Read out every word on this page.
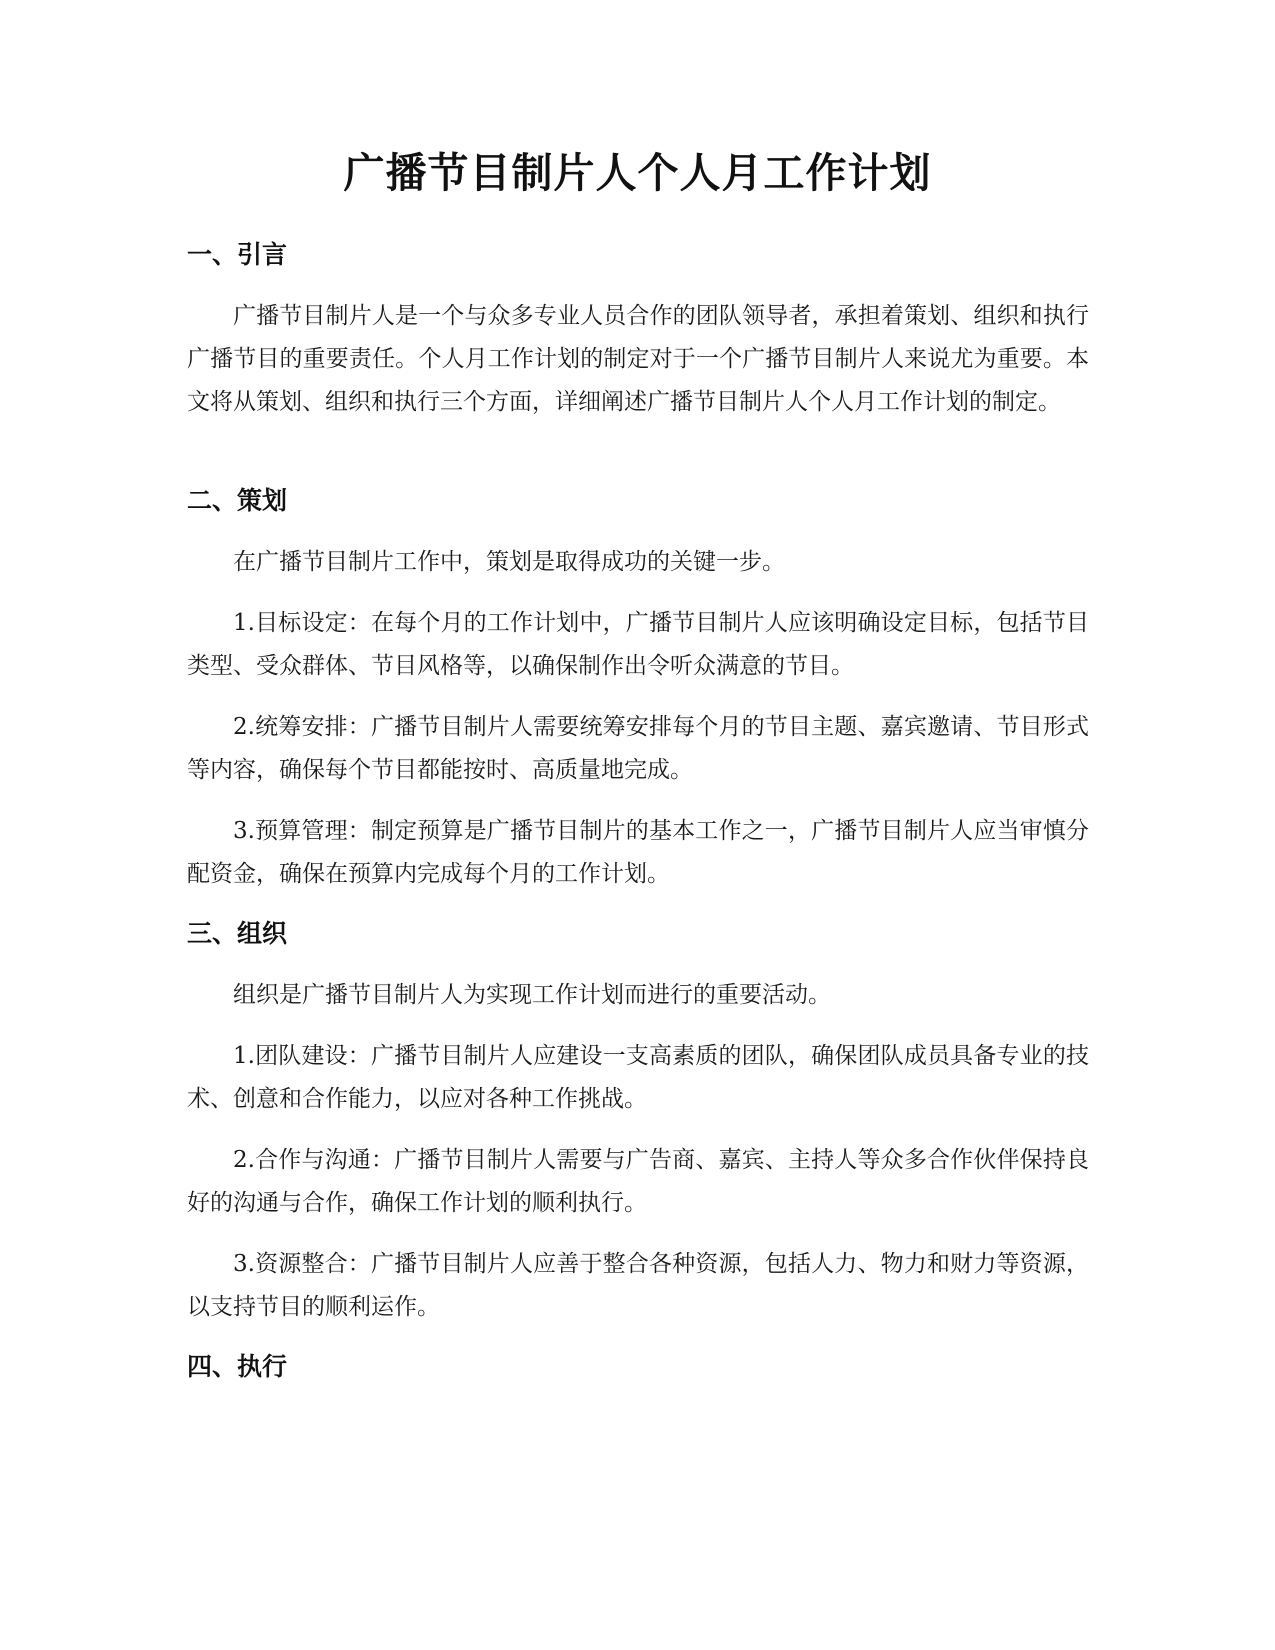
广播节目制片人个人月工作计划
一、引言

广播节目制片人是一个与众多专业人员合作的团队领导者，承担着策划、组织和执行广播节目的重要责任。个人月工作计划的制定对于一个广播节目制片人来说尤为重要。本文将从策划、组织和执行三个方面，详细阐述广播节目制片人个人月工作计划的制定。

二、策划

在广播节目制片工作中，策划是取得成功的关键一步。

1.目标设定：在每个月的工作计划中，广播节目制片人应该明确设定目标，包括节目类型、受众群体、节目风格等，以确保制作出令听众满意的节目。

2.统筹安排：广播节目制片人需要统筹安排每个月的节目主题、嘉宾邀请、节目形式等内容，确保每个节目都能按时、高质量地完成。

3.预算管理：制定预算是广播节目制片的基本工作之一，广播节目制片人应当审慎分配资金，确保在预算内完成每个月的工作计划。

三、组织

组织是广播节目制片人为实现工作计划而进行的重要活动。

1.团队建设：广播节目制片人应建设一支高素质的团队，确保团队成员具备专业的技术、创意和合作能力，以应对各种工作挑战。

2.合作与沟通：广播节目制片人需要与广告商、嘉宾、主持人等众多合作伙伴保持良好的沟通与合作，确保工作计划的顺利执行。

3.资源整合：广播节目制片人应善于整合各种资源，包括人力、物力和财力等资源，以支持节目的顺利运作。

四、执行
